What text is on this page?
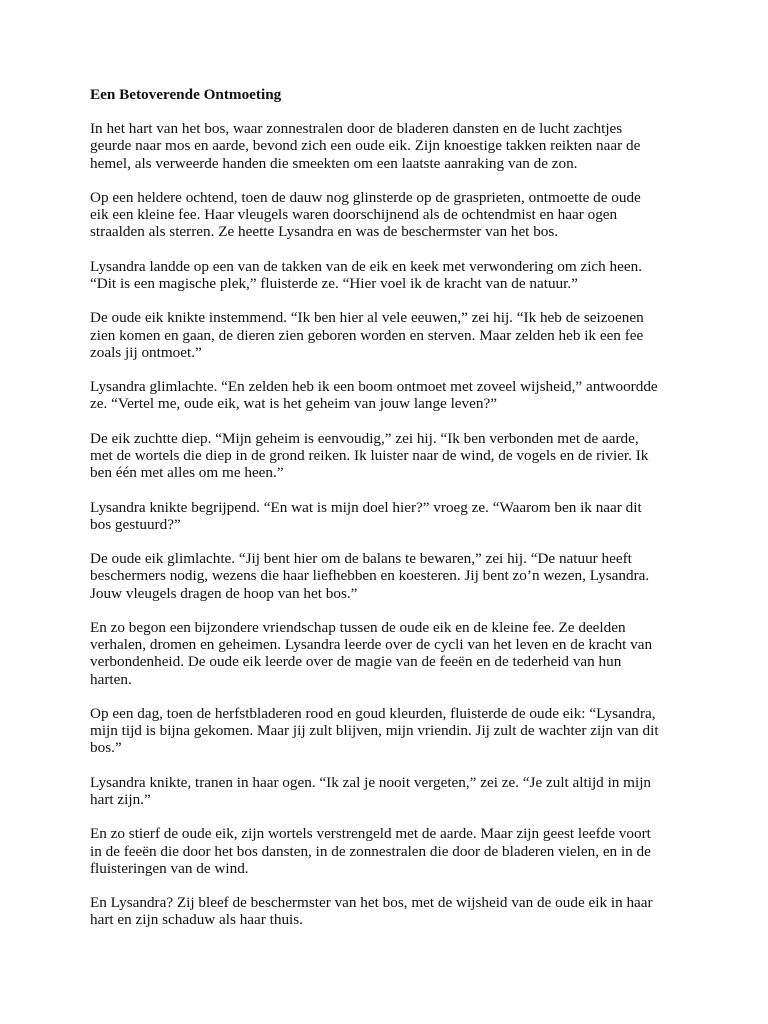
Een Betoverende Ontmoeting
In het hart van het bos, waar zonnestralen door de bladeren dansten en de lucht zachtjes
geurde naar mos en aarde, bevond zich een oude eik. Zijn knoestige takken reikten naar de
hemel, als verweerde handen die smeekten om een laatste aanraking van de zon.
Op een heldere ochtend, toen de dauw nog glinsterde op de grasprieten, ontmoette de oude
eik een kleine fee. Haar vleugels waren doorschijnend als de ochtendmist en haar ogen
straalden als sterren. Ze heette Lysandra en was de beschermster van het bos.
Lysandra landde op een van de takken van de eik en keek met verwondering om zich heen.
“Dit is een magische plek,” fluisterde ze. “Hier voel ik de kracht van de natuur.”
De oude eik knikte instemmend. “Ik ben hier al vele eeuwen,” zei hij. “Ik heb de seizoenen
zien komen en gaan, de dieren zien geboren worden en sterven. Maar zelden heb ik een fee
zoals jij ontmoet.”
Lysandra glimlachte. “En zelden heb ik een boom ontmoet met zoveel wijsheid,” antwoordde
ze. “Vertel me, oude eik, wat is het geheim van jouw lange leven?”
De eik zuchtte diep. “Mijn geheim is eenvoudig,” zei hij. “Ik ben verbonden met de aarde,
met de wortels die diep in de grond reiken. Ik luister naar de wind, de vogels en de rivier. Ik
ben één met alles om me heen.”
Lysandra knikte begrijpend. “En wat is mijn doel hier?” vroeg ze. “Waarom ben ik naar dit
bos gestuurd?”
De oude eik glimlachte. “Jij bent hier om de balans te bewaren,” zei hij. “De natuur heeft
beschermers nodig, wezens die haar liefhebben en koesteren. Jij bent zo’n wezen, Lysandra.
Jouw vleugels dragen de hoop van het bos.”
En zo begon een bijzondere vriendschap tussen de oude eik en de kleine fee. Ze deelden
verhalen, dromen en geheimen. Lysandra leerde over de cycli van het leven en de kracht van
verbondenheid. De oude eik leerde over de magie van de feeën en de tederheid van hun
harten.
Op een dag, toen de herfstbladeren rood en goud kleurden, fluisterde de oude eik: “Lysandra,
mijn tijd is bijna gekomen. Maar jij zult blijven, mijn vriendin. Jij zult de wachter zijn van dit
bos.”
Lysandra knikte, tranen in haar ogen. “Ik zal je nooit vergeten,” zei ze. “Je zult altijd in mijn
hart zijn.”
En zo stierf de oude eik, zijn wortels verstrengeld met de aarde. Maar zijn geest leefde voort
in de feeën die door het bos dansten, in de zonnestralen die door de bladeren vielen, en in de
fluisteringen van de wind.
En Lysandra? Zij bleef de beschermster van het bos, met de wijsheid van de oude eik in haar
hart en zijn schaduw als haar thuis.
